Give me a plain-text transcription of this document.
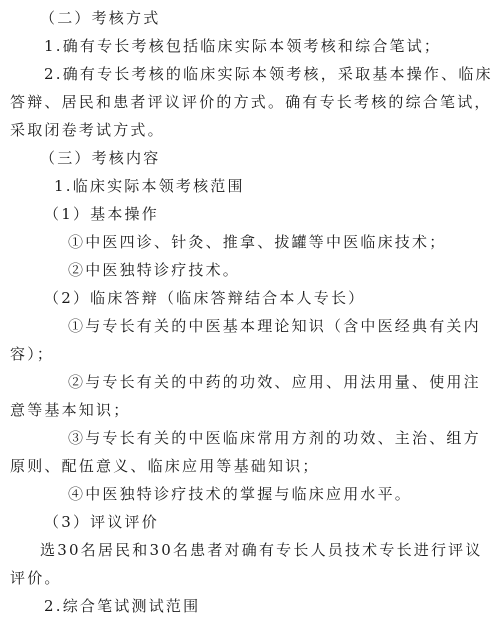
（二）考核方式
1.确有专长考核包括临床实际本领考核和综合笔试；
2.确有专长考核的临床实际本领考核，采取基本操作、临床
答辩、居民和患者评议评价的方式。确有专长考核的综合笔试，
采取闭卷考试方式。
（三）考核内容
1.临床实际本领考核范围
（1）基本操作
①中医四诊、针灸、推拿、拔罐等中医临床技术；
②中医独特诊疗技术。
（2）临床答辩（临床答辩结合本人专长）
①与专长有关的中医基本理论知识（含中医经典有关内
容）；
②与专长有关的中药的功效、应用、用法用量、使用注
意等基本知识；
③与专长有关的中医临床常用方剂的功效、主治、组方
原则、配伍意义、临床应用等基础知识；
④中医独特诊疗技术的掌握与临床应用水平。
（3）评议评价
选30名居民和30名患者对确有专长人员技术专长进行评议
评价。
2.综合笔试测试范围
